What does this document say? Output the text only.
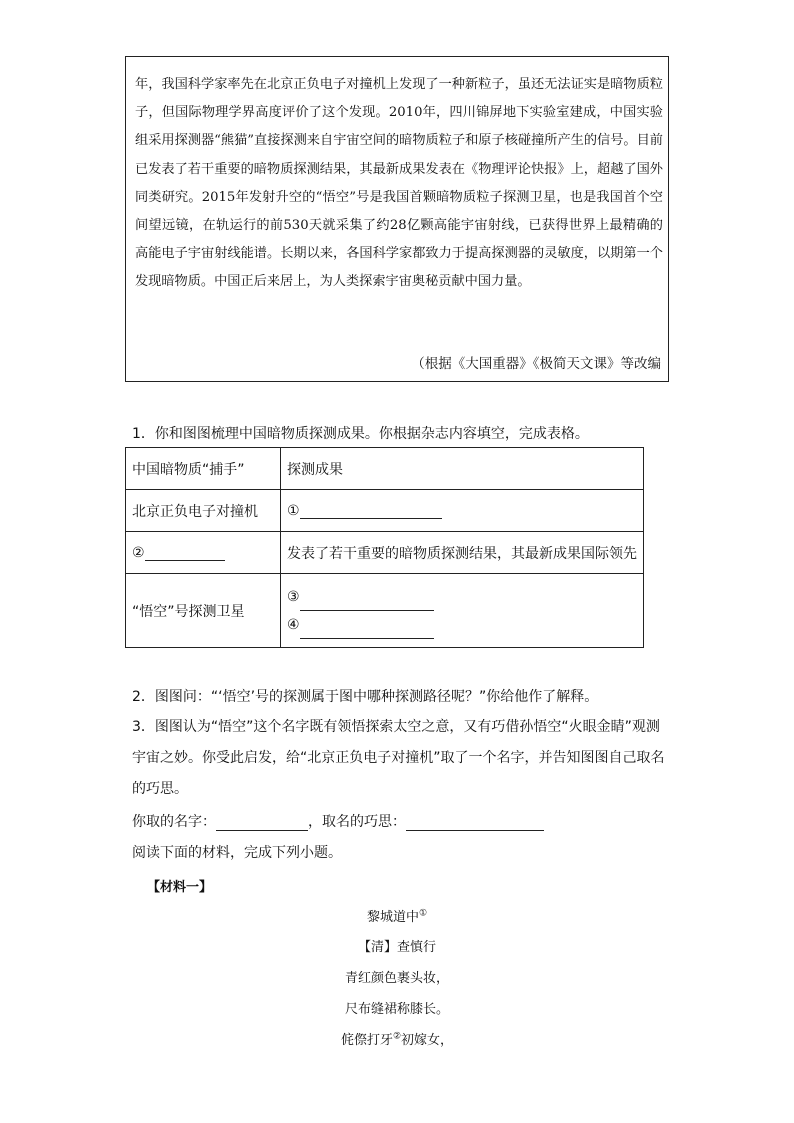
年，我国科学家率先在北京正负电子对撞机上发现了一种新粒子，虽还无法证实是暗物质粒子，但国际物理学界高度评价了这个发现。2010年，四川锦屏地下实验室建成，中国实验组采用探测器“熊猫”直接探测来自宇宙空间的暗物质粒子和原子核碰撞所产生的信号。目前已发表了若干重要的暗物质探测结果，其最新成果发表在《物理评论快报》上，超越了国外同类研究。2015年发射升空的“悟空”号是我国首颗暗物质粒子探测卫星，也是我国首个空间望远镜，在轨运行的前530天就采集了约28亿颗高能宇宙射线，已获得世界上最精确的高能电子宇宙射线能谱。长期以来，各国科学家都致力于提高探测器的灵敏度，以期第一个发现暗物质。中国正后来居上，为人类探索宇宙奥秘贡献中国力量。

（根据《大国重器》《极简天文课》等改编
1．你和图图梳理中国暗物质探测成果。你根据杂志内容填空，完成表格。
中国暗物质“捕手”	探测成果
北京正负电子对撞机	①
②	发表了若干重要的暗物质探测结果，其最新成果国际领先
“悟空”号探测卫星	③
④
2．图图问：“‘悟空’号的探测属于图中哪种探测路径呢？”你给他作了解释。
3．图图认为“悟空”这个名字既有领悟探索太空之意，又有巧借孙悟空“火眼金睛”观测
宇宙之妙。你受此启发，给“北京正负电子对撞机”取了一个名字，并告知图图自己取名
的巧思。
你取的名字：	，取名的巧思：
阅读下面的材料，完成下列小题。
【材料一】
黎城道中①
【清】查慎行
青红颜色裹头妆，
尺布缝裙称膝长。
侂傺打牙②初嫁女，
